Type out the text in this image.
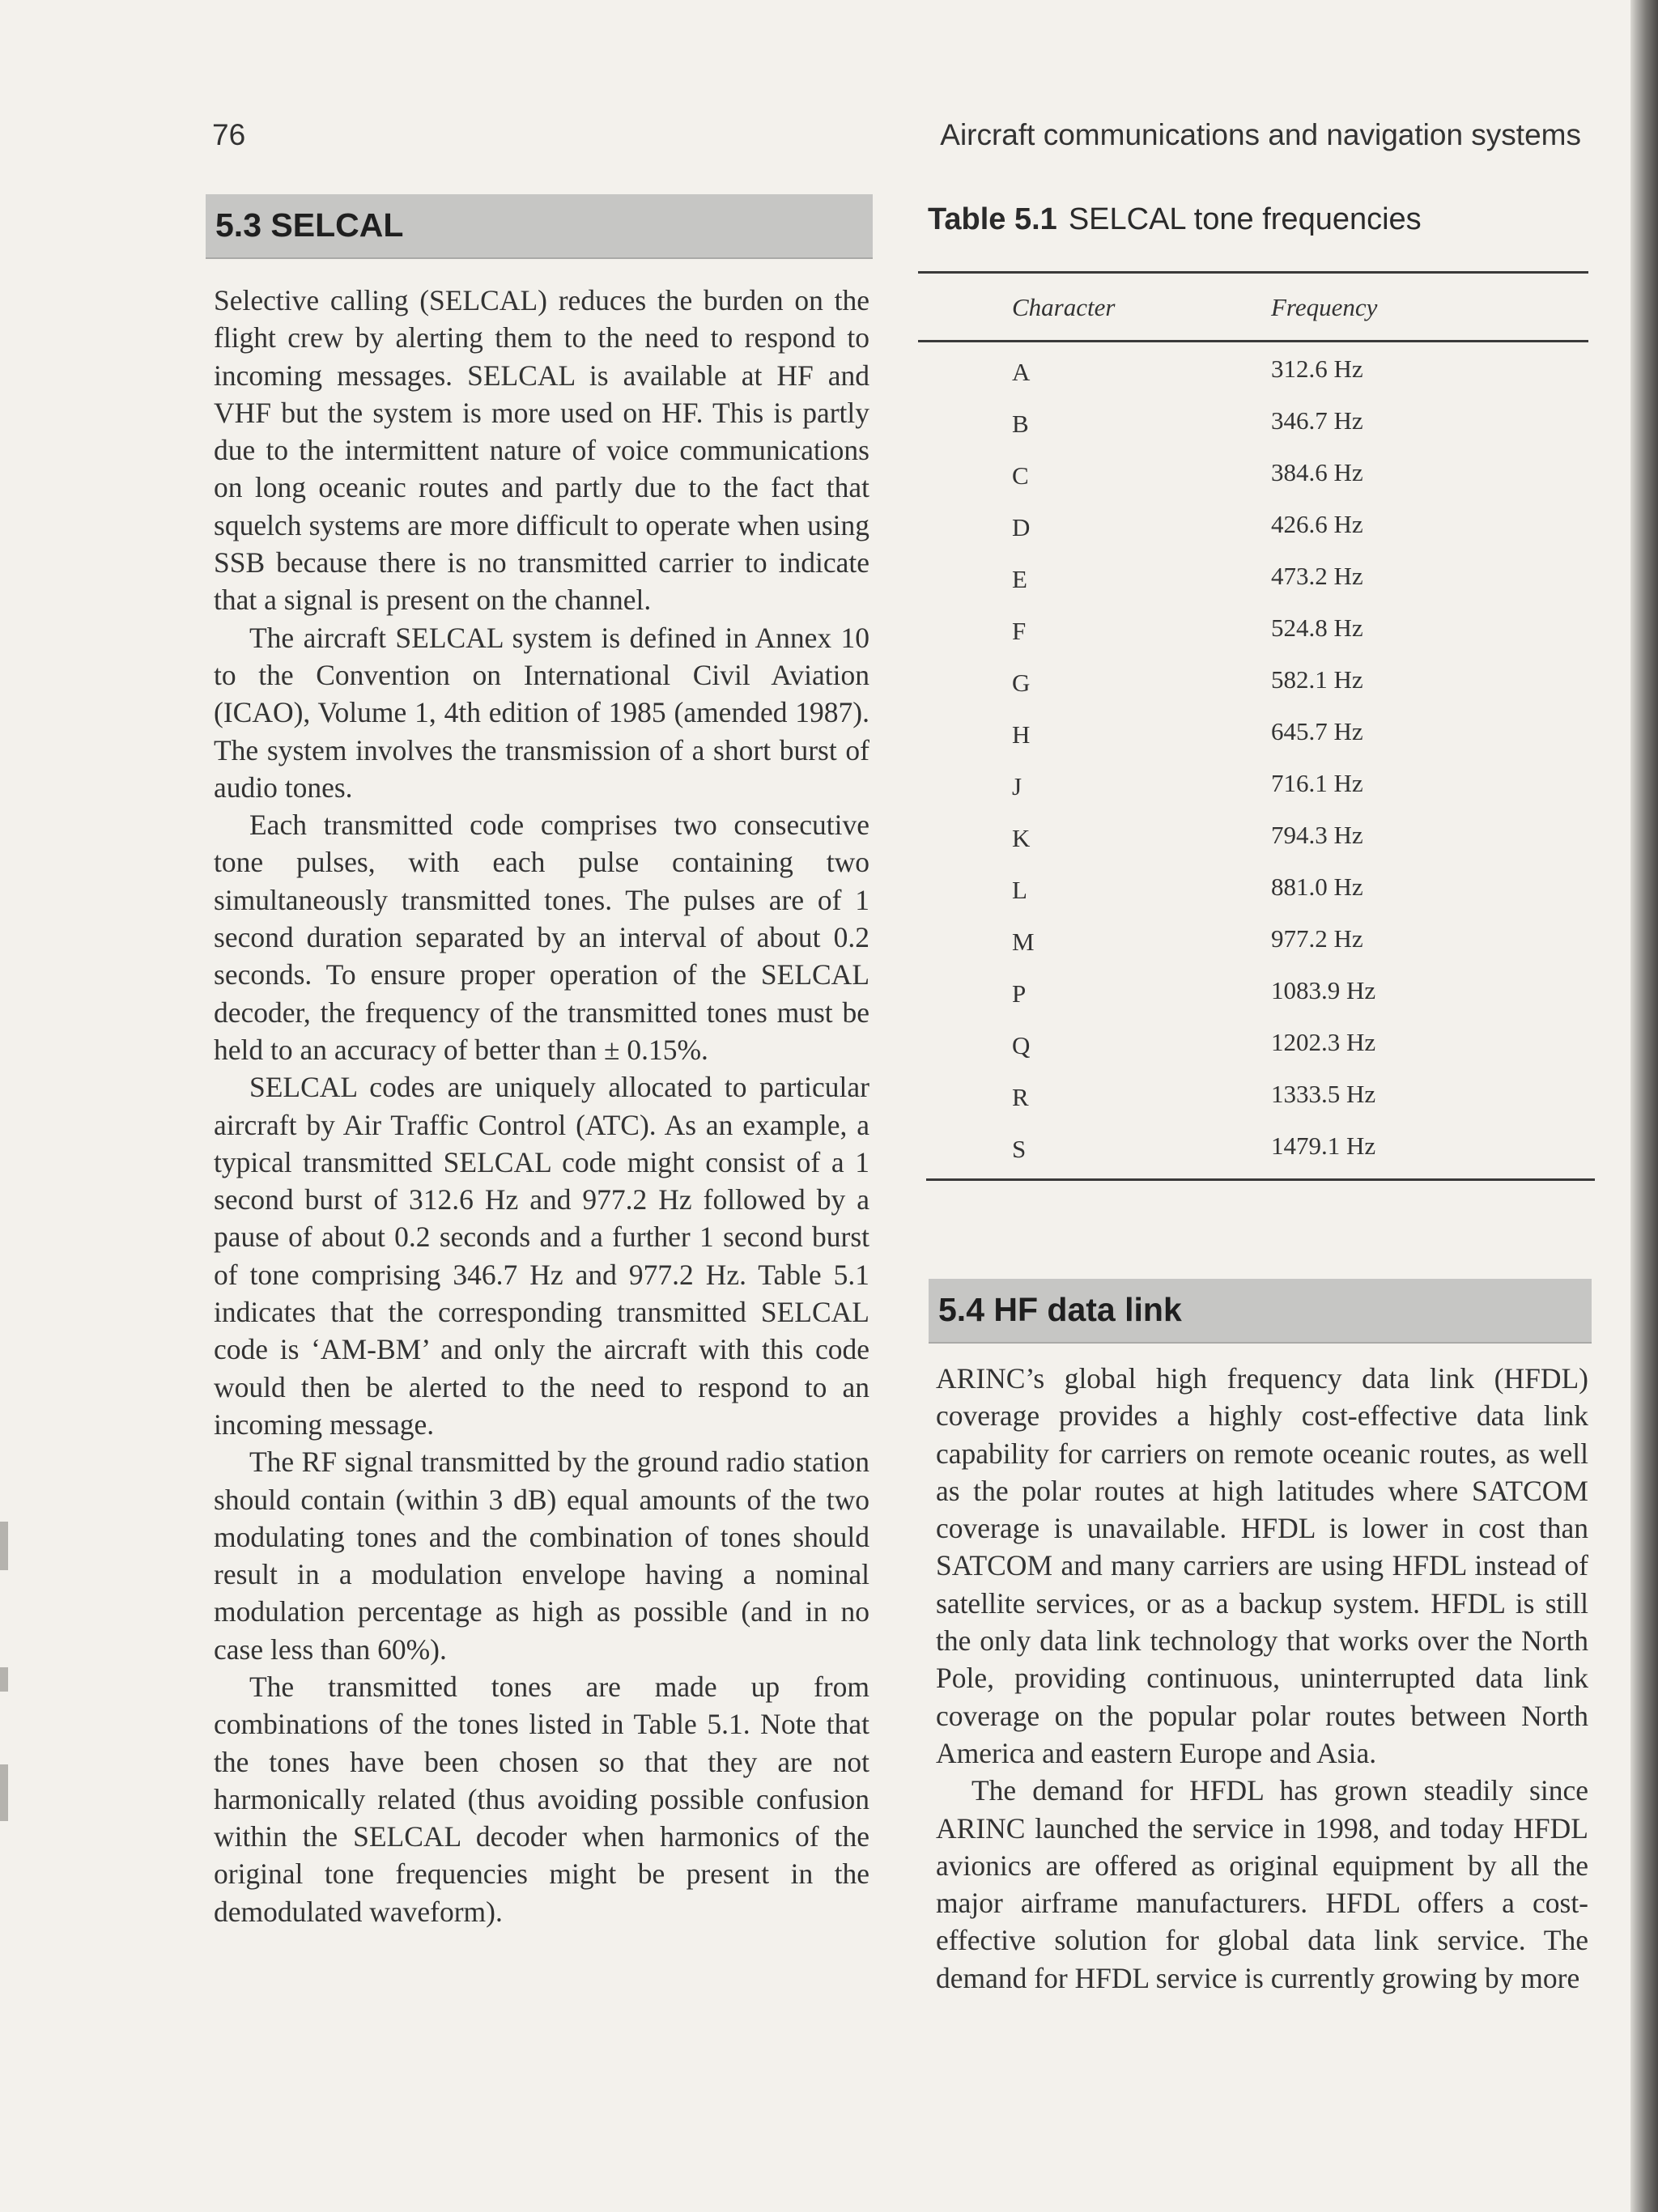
76	Aircraft communications and navigation systems
5.3 SELCAL

Selective calling (SELCAL) reduces the burden on the flight crew by alerting them to the need to respond to incoming messages. SELCAL is available at HF and VHF but the system is more used on HF. This is partly due to the intermittent nature of voice communications on long oceanic routes and partly due to the fact that squelch systems are more difficult to operate when using SSB because there is no transmitted carrier to indicate that a signal is present on the channel.

The aircraft SELCAL system is defined in Annex 10 to the Convention on International Civil Aviation (ICAO), Volume 1, 4th edition of 1985 (amended 1987). The system involves the transmission of a short burst of audio tones.

Each transmitted code comprises two consecutive tone pulses, with each pulse containing two simultaneously transmitted tones. The pulses are of 1 second duration separated by an interval of about 0.2 seconds. To ensure proper operation of the SELCAL decoder, the frequency of the transmitted tones must be held to an accuracy of better than ± 0.15%.

SELCAL codes are uniquely allocated to particular aircraft by Air Traffic Control (ATC). As an example, a typical transmitted SELCAL code might consist of a 1 second burst of 312.6 Hz and 977.2 Hz followed by a pause of about 0.2 seconds and a further 1 second burst of tone comprising 346.7 Hz and 977.2 Hz. Table 5.1 indicates that the corresponding transmitted SELCAL code is ‘AM-BM’ and only the aircraft with this code would then be alerted to the need to respond to an incoming message.

The RF signal transmitted by the ground radio station should contain (within 3 dB) equal amounts of the two modulating tones and the combination of tones should result in a modulation envelope having a nominal modulation percentage as high as possible (and in no case less than 60%).

The transmitted tones are made up from combinations of the tones listed in Table 5.1. Note that the tones have been chosen so that they are not harmonically related (thus avoiding possible confusion within the SELCAL decoder when harmonics of the original tone frequencies might be present in the demodulated waveform).

Table 5.1 SELCAL tone frequencies
Character	Frequency
A	312.6 Hz
B	346.7 Hz
C	384.6 Hz
D	426.6 Hz
E	473.2 Hz
F	524.8 Hz
G	582.1 Hz
H	645.7 Hz
J	716.1 Hz
K	794.3 Hz
L	881.0 Hz
M	977.2 Hz
P	1083.9 Hz
Q	1202.3 Hz
R	1333.5 Hz
S	1479.1 Hz
5.4 HF data link

ARINC’s global high frequency data link (HFDL) coverage provides a highly cost-effective data link capability for carriers on remote oceanic routes, as well as the polar routes at high latitudes where SATCOM coverage is unavailable. HFDL is lower in cost than SATCOM and many carriers are using HFDL instead of satellite services, or as a backup system. HFDL is still the only data link technology that works over the North Pole, providing continuous, uninterrupted data link coverage on the popular polar routes between North America and eastern Europe and Asia.

The demand for HFDL has grown steadily since ARINC launched the service in 1998, and today HFDL avionics are offered as original equipment by all the major airframe manufacturers. HFDL offers a cost-effective solution for global data link service. The demand for HFDL service is currently growing by more
